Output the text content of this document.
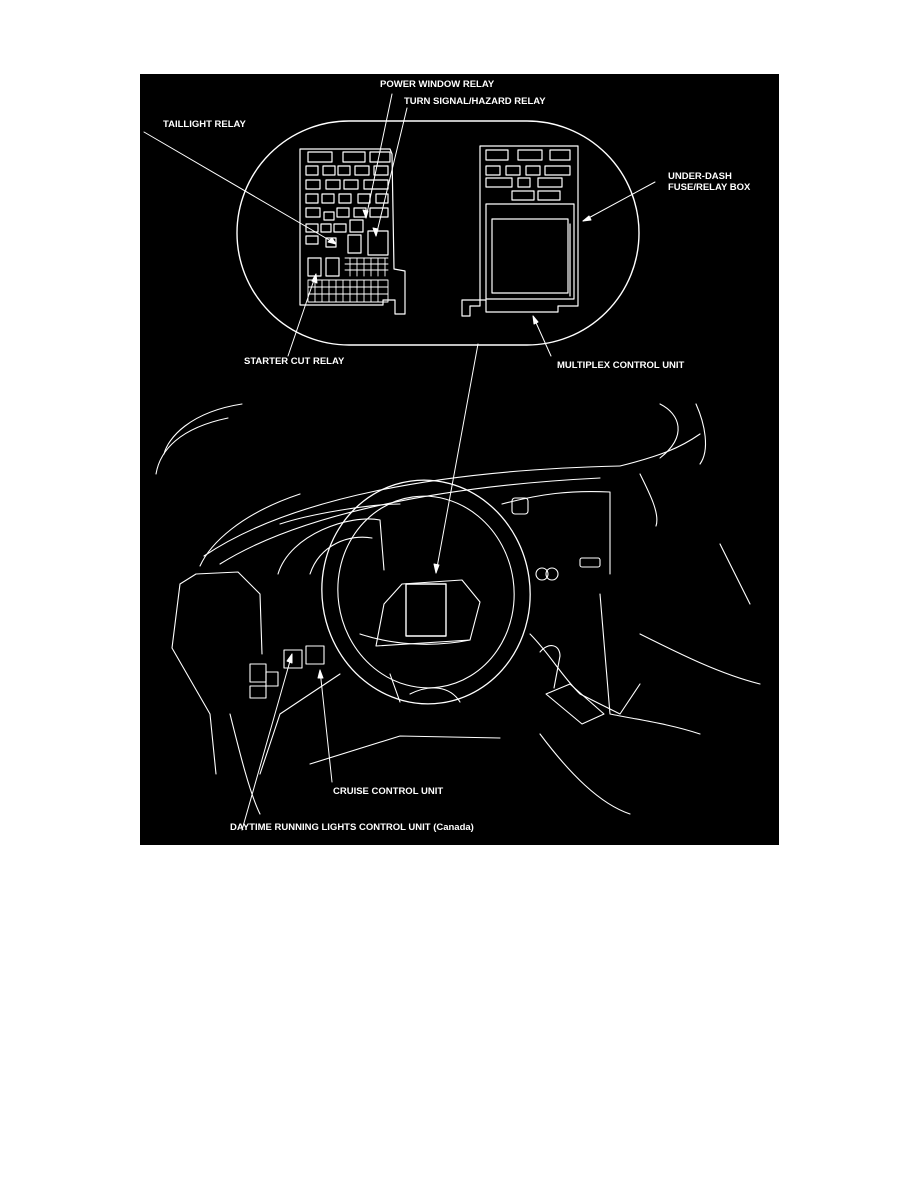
POWER WINDOW RELAY
TURN SIGNAL/HAZARD RELAY
TAILLIGHT RELAY
UNDER-DASH
FUSE/RELAY BOX
STARTER CUT RELAY	MULTIPLEX CONTROL UNIT
CRUISE CONTROL UNIT
DAYTIME RUNNING LIGHTS CONTROL UNIT (Canada)
